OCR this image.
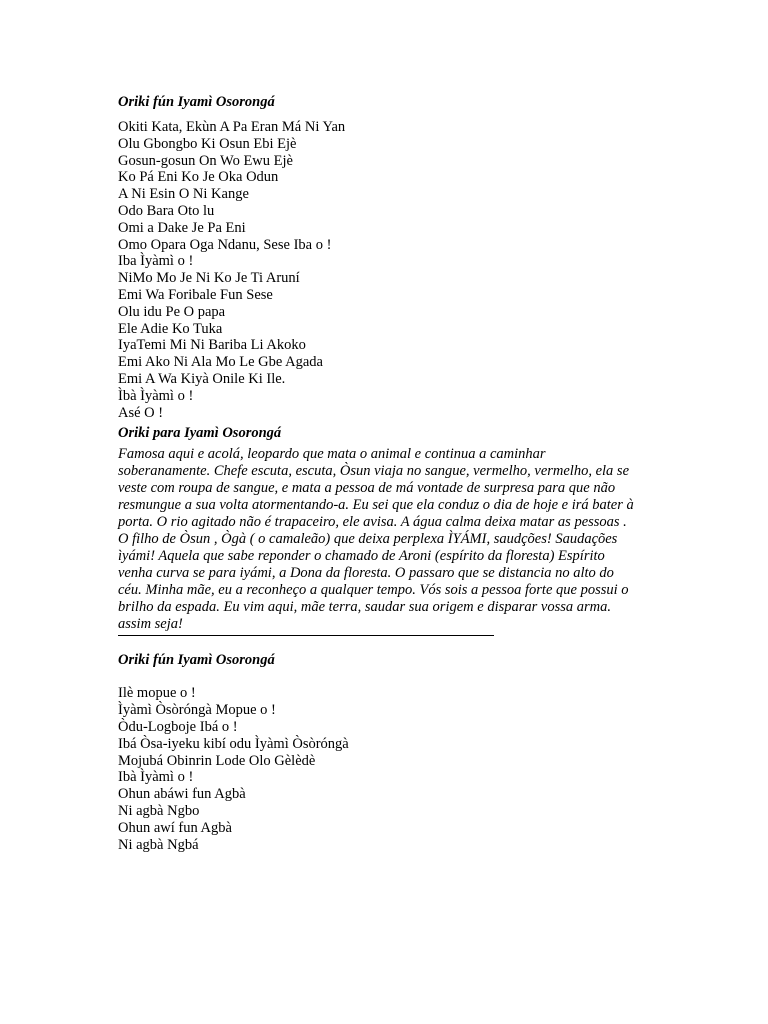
Oriki fún Iyamì Osorongá
Okiti Kata, Ekùn A Pa Eran Má Ni Yan
Olu Gbongbo Ki Osun Ebi Ejè
Gosun-gosun On Wo Ewu Ejè
Ko Pá Eni Ko Je Oka Odun
A Ni Esin O Ni Kange
Odo Bara Oto lu
Omi a Dake Je Pa Eni
Omo Opara Oga Ndanu, Sese Iba o !
Iba Ìyàmì o !
NiMo Mo Je Ni Ko Je Ti Aruní
Emi Wa Foribale Fun Sese
Olu idu Pe O papa
Ele Adie Ko Tuka
IyaTemi Mi Ni Bariba Li Akoko
Emi Ako Ni Ala Mo Le Gbe Agada
Emi A Wa Kiyà Onile Ki Ile.
Ìbà Ìyàmì o !
Asé O !
Oriki para Iyamì Osorongá

Famosa aqui e acolá, leopardo que mata o animal e continua a caminhar
soberanamente. Chefe escuta, escuta, Òsun viaja no sangue, vermelho, vermelho, ela se
veste com roupa de sangue, e mata a pessoa de má vontade de surpresa para que não
resmungue a sua volta atormentando-a. Eu sei que ela conduz o dia de hoje e irá bater à
porta. O rio agitado não é trapaceiro, ele avisa. A água calma deixa matar as pessoas .
O filho de Òsun , Ògà ( o camaleão) que deixa perplexa ÌYÁMI, saudções! Saudações
ìyámi! Aquela que sabe reponder o chamado de Aroni (espírito da floresta) Espírito
venha curva se para iyámi, a Dona da floresta. O passaro que se distancia no alto do
céu. Minha mãe, eu a reconheço a qualquer tempo. Vós sois a pessoa forte que possui o
brilho da espada. Eu vim aqui, mãe terra, saudar sua origem e disparar vossa arma.
assim seja!

Oriki fún Iyamì Osorongá
Ilè mopue o !
Ìyàmì Òsòróngà Mopue o !
Òdu-Logboje Ibá o !
Ibá Òsa-iyeku kibí odu Ìyàmì Òsòróngà
Mojubá Obinrin Lode Olo Gèlèdè
Ibà Ìyàmì o !
Ohun abáwi fun Agbà
Ni agbà Ngbo
Ohun awí fun Agbà
Ni agbà Ngbá
